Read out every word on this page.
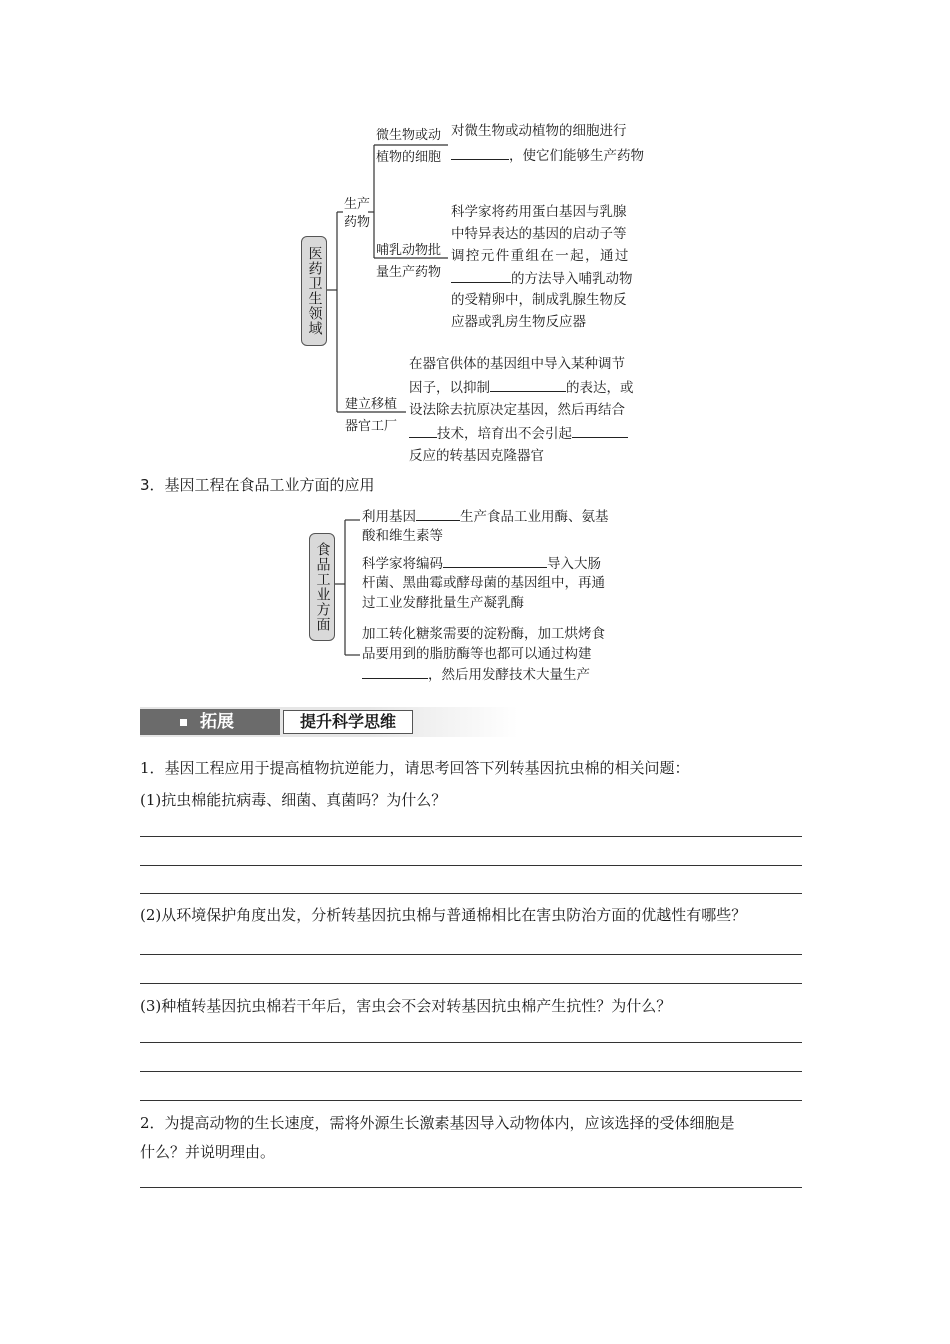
医药卫生领域
生产药物
微生物或动
植物的细胞
对微生物或动植物的细胞进行
，使它们能够生产药物
哺乳动物批
量生产药物
科学家将药用蛋白基因与乳腺
中特异表达的基因的启动子等
调控元件重组在一起，通过
的方法导入哺乳动物
的受精卵中，制成乳腺生物反
应器或乳房生物反应器
建立移植
器官工厂
在器官供体的基因组中导入某种调节
因子，以抑制	的表达，或
设法除去抗原决定基因，然后再结合
技术，培育出不会引起
反应的转基因克隆器官
3．基因工程在食品工业方面的应用
食品工业方面
利用基因	生产食品工业用酶、氨基
酸和维生素等
科学家将编码	导入大肠
杆菌、黑曲霉或酵母菌的基因组中，再通
过工业发酵批量生产凝乳酶
加工转化糖浆需要的淀粉酶，加工烘烤食
品要用到的脂肪酶等也都可以通过构建
，然后用发酵技术大量生产
拓展	提升科学思维
1．基因工程应用于提高植物抗逆能力，请思考回答下列转基因抗虫棉的相关问题：
(1)抗虫棉能抗病毒、细菌、真菌吗？为什么？
(2)从环境保护角度出发，分析转基因抗虫棉与普通棉相比在害虫防治方面的优越性有哪些？
(3)种植转基因抗虫棉若干年后，害虫会不会对转基因抗虫棉产生抗性？为什么？
2．为提高动物的生长速度，需将外源生长激素基因导入动物体内，应该选择的受体细胞是
什么？并说明理由。
